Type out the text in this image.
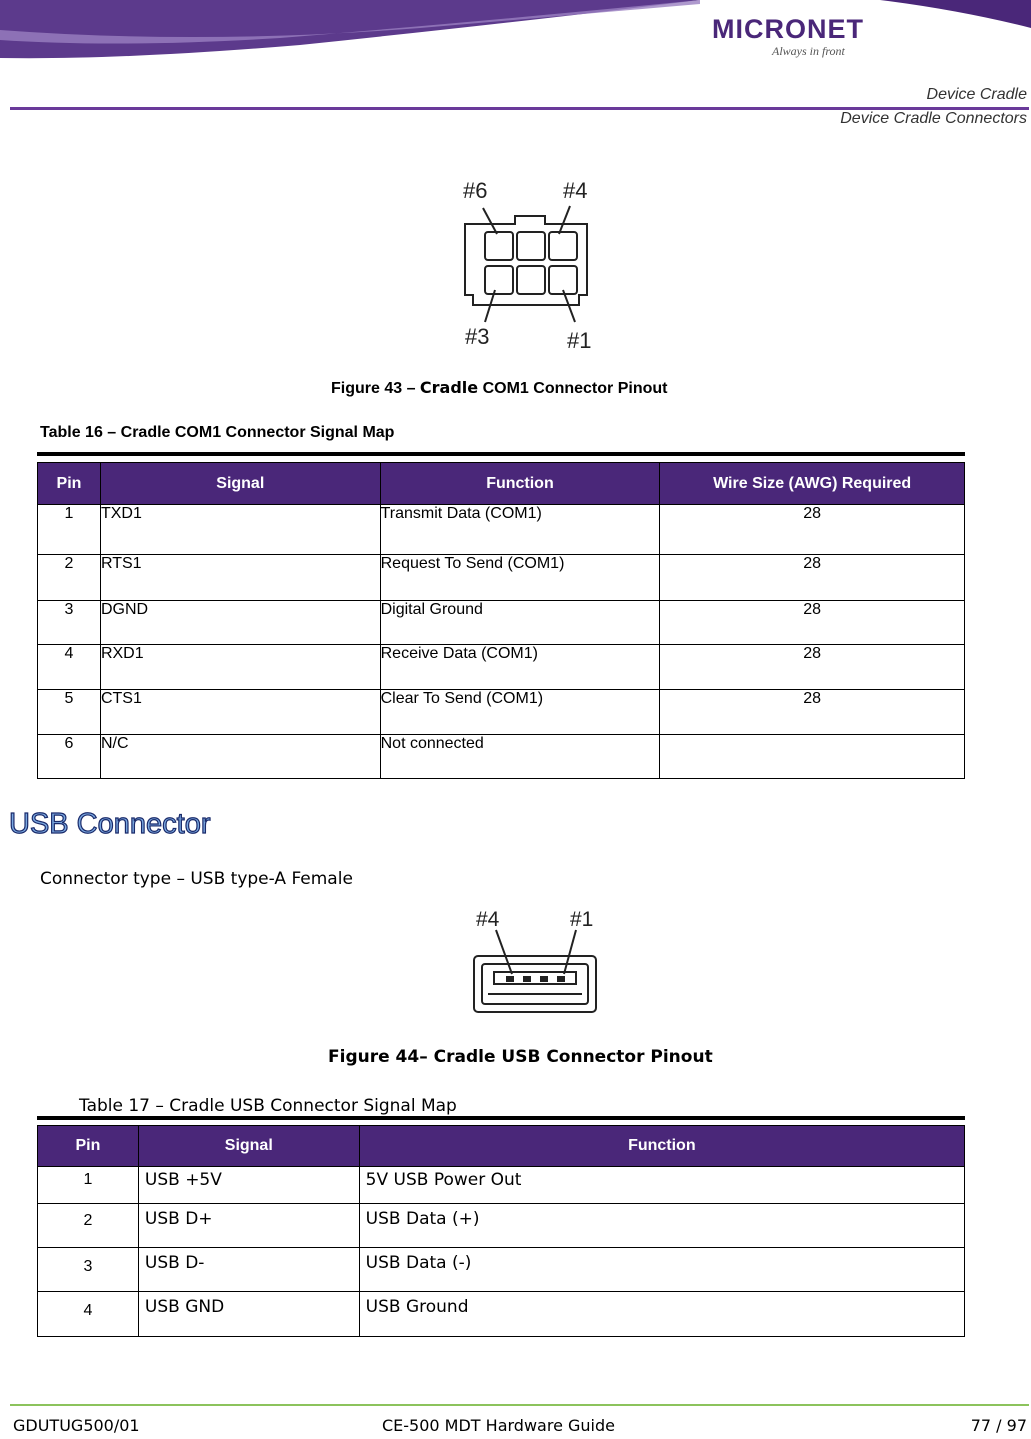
MICRONET
Always in front
Device Cradle
Device Cradle Connectors
#6	#4
#3	#1
Figure 43 – Cradle COM1 Connector Pinout
Table 16 – Cradle COM1 Connector Signal Map
Pin	Signal	Function	Wire Size (AWG) Required
1	TXD1	Transmit Data (COM1)	28
2	RTS1	Request To Send (COM1)	28
3	DGND	Digital Ground	28
4	RXD1	Receive Data (COM1)	28
5	CTS1	Clear To Send (COM1)	28
6	N/C	Not connected	
USB Connector
Connector type – USB type-A Female
#4	#1
Figure 44– Cradle USB Connector Pinout
Table 17 – Cradle USB Connector Signal Map
Pin	Signal	Function
1	USB +5V	5V USB Power Out
2	USB D+	USB Data (+)
3	USB D-	USB Data (-)
4	USB GND	USB Ground
GDUTUG500/01	CE-500 MDT Hardware Guide	77 / 97
